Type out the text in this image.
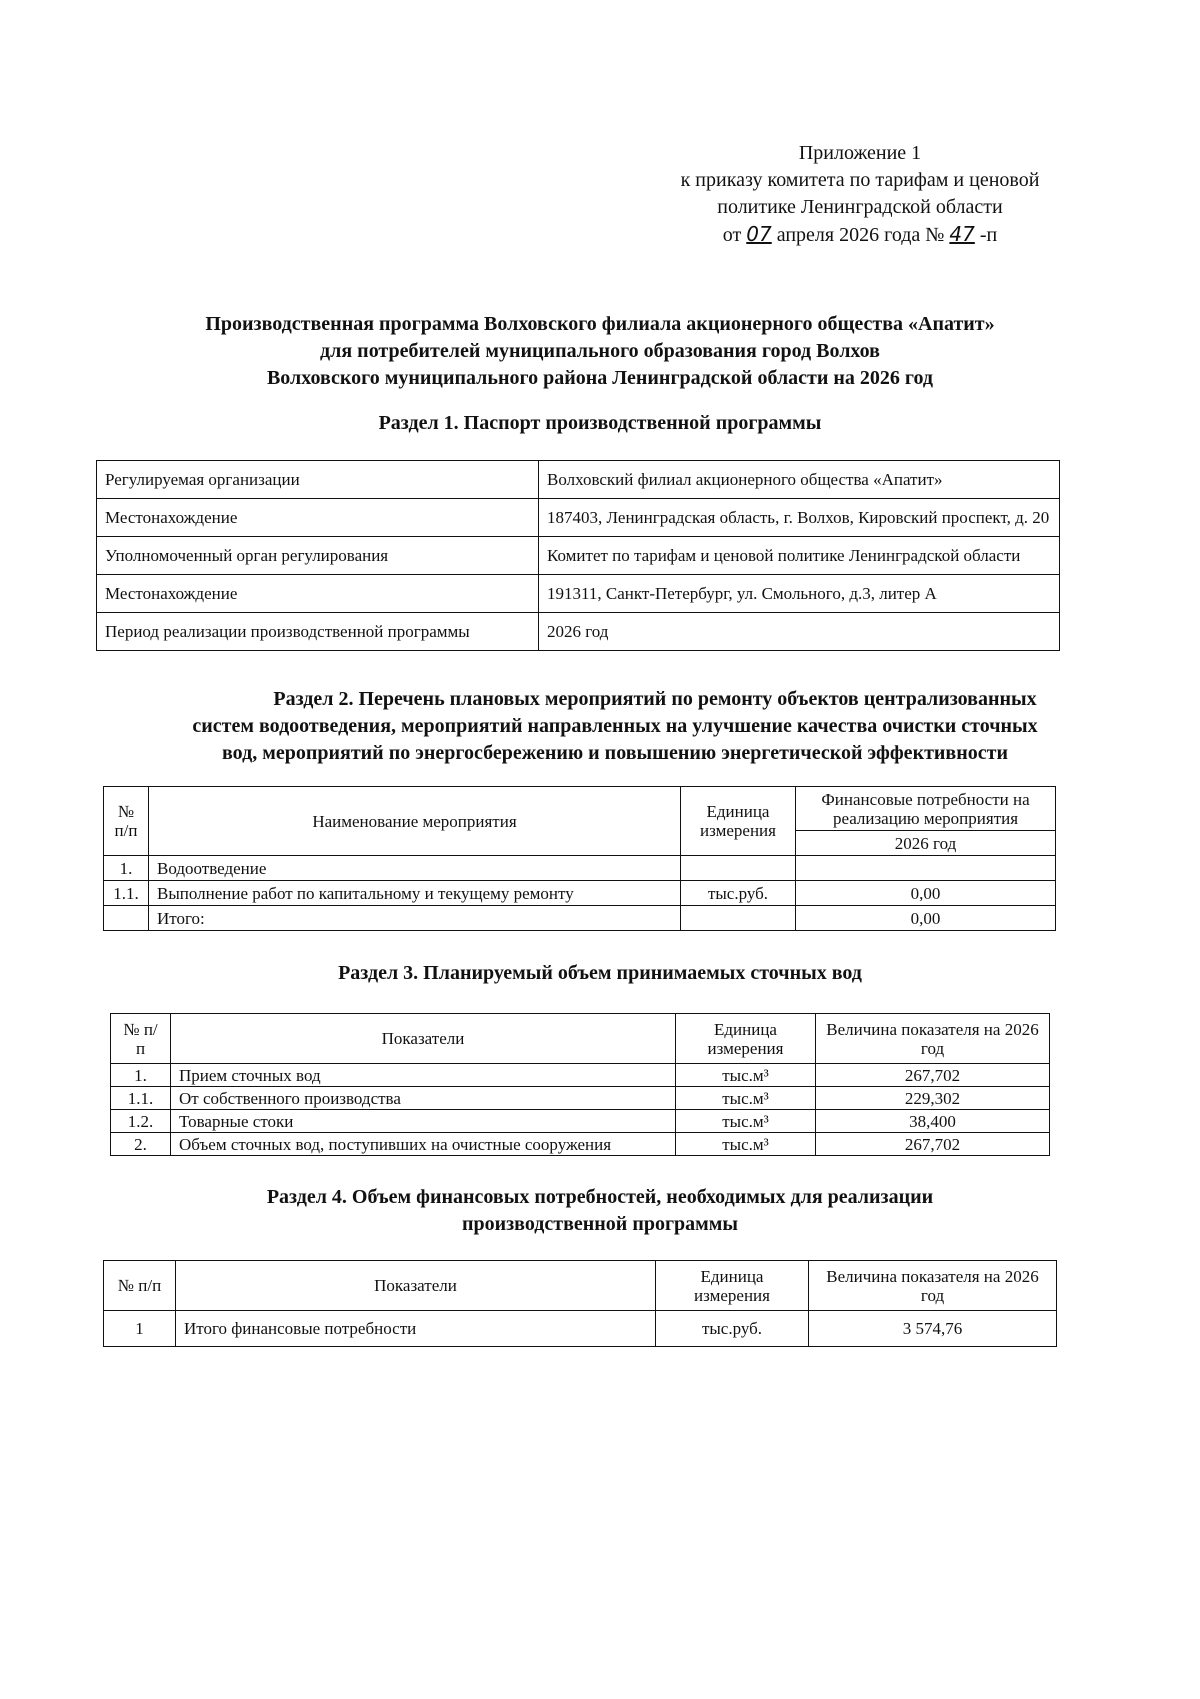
Приложение 1
к приказу комитета по тарифам и ценовой
политике Ленинградской области
от 07 апреля 2026 года № 47 -п
Производственная программа Волховского филиала акционерного общества «Апатит»
для потребителей муниципального образования город Волхов
Волховского муниципального района Ленинградской области на 2026 год
Раздел 1. Паспорт производственной программы
Регулируемая организации	Волховский филиал акционерного общества «Апатит»
Местонахождение	187403, Ленинградская область, г. Волхов, Кировский проспект, д. 20
Уполномоченный орган регулирования	Комитет по тарифам и ценовой политике Ленинградской области
Местонахождение	191311, Санкт-Петербург, ул. Смольного, д.3, литер А
Период реализации производственной программы	2026 год
Раздел 2. Перечень плановых мероприятий по ремонту объектов централизованных
систем водоотведения, мероприятий направленных на улучшение качества очистки сточных
вод, мероприятий по энергосбережению и повышению энергетической эффективности
№ п/п	Наименование мероприятия	Единица измерения	Финансовые потребности на реализацию мероприятия
			2026 год
1.	Водоотведение		
1.1.	Выполнение работ по капитальному и текущему ремонту	тыс.руб.	0,00
	Итого:		0,00
Раздел 3. Планируемый объем принимаемых сточных вод
№ п/п	Показатели	Единица измерения	Величина показателя на 2026 год
1.	Прием сточных вод	тыс.м³	267,702
1.1.	От собственного производства	тыс.м³	229,302
1.2.	Товарные стоки	тыс.м³	38,400
2.	Объем сточных вод, поступивших на очистные сооружения	тыс.м³	267,702
Раздел 4. Объем финансовых потребностей, необходимых для реализации
производственной программы
№ п/п	Показатели	Единица измерения	Величина показателя на 2026 год
1	Итого финансовые потребности	тыс.руб.	3 574,76
